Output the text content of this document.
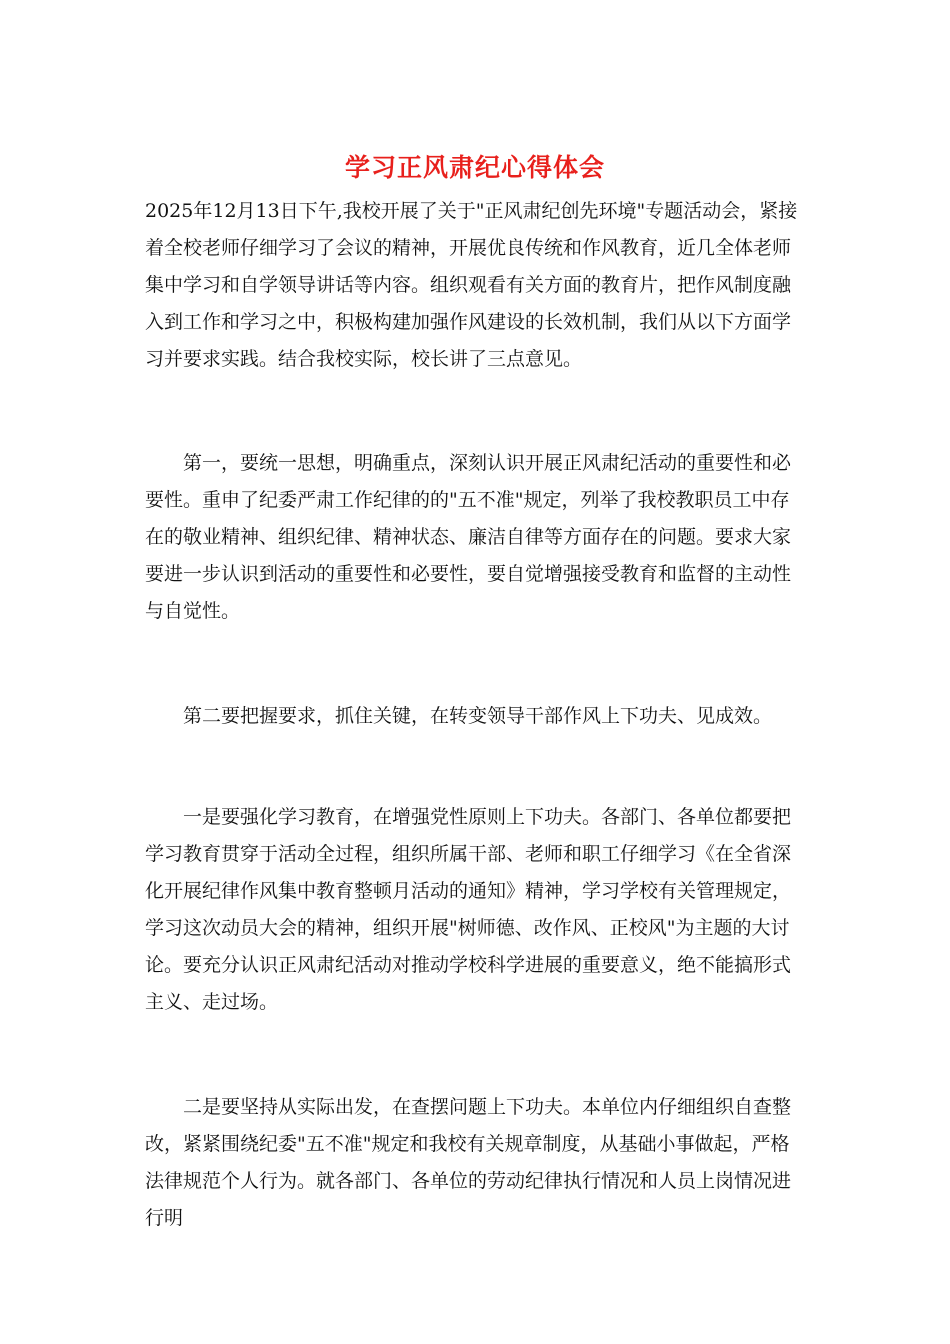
学习正风肃纪心得体会

2025年12月13日下午,我校开展了关于"正风肃纪创先环境"专题活动会，紧接着全校老师仔细学习了会议的精神，开展优良传统和作风教育，近几全体老师集中学习和自学领导讲话等内容。组织观看有关方面的教育片，把作风制度融入到工作和学习之中，积极构建加强作风建设的长效机制，我们从以下方面学习并要求实践。结合我校实际，校长讲了三点意见。

　　第一，要统一思想，明确重点，深刻认识开展正风肃纪活动的重要性和必要性。重申了纪委严肃工作纪律的的"五不准"规定，列举了我校教职员工中存在的敬业精神、组织纪律、精神状态、廉洁自律等方面存在的问题。要求大家要进一步认识到活动的重要性和必要性，要自觉增强接受教育和监督的主动性与自觉性。

　　第二要把握要求，抓住关键，在转变领导干部作风上下功夫、见成效。

　　一是要强化学习教育，在增强党性原则上下功夫。各部门、各单位都要把学习教育贯穿于活动全过程，组织所属干部、老师和职工仔细学习《在全省深化开展纪律作风集中教育整顿月活动的通知》精神，学习学校有关管理规定，学习这次动员大会的精神，组织开展"树师德、改作风、正校风"为主题的大讨论。要充分认识正风肃纪活动对推动学校科学进展的重要意义，绝不能搞形式主义、走过场。

　　二是要坚持从实际出发，在查摆问题上下功夫。本单位内仔细组织自查整改，紧紧围绕纪委"五不准"规定和我校有关规章制度，从基础小事做起，严格法律规范个人行为。就各部门、各单位的劳动纪律执行情况和人员上岗情况进行明
